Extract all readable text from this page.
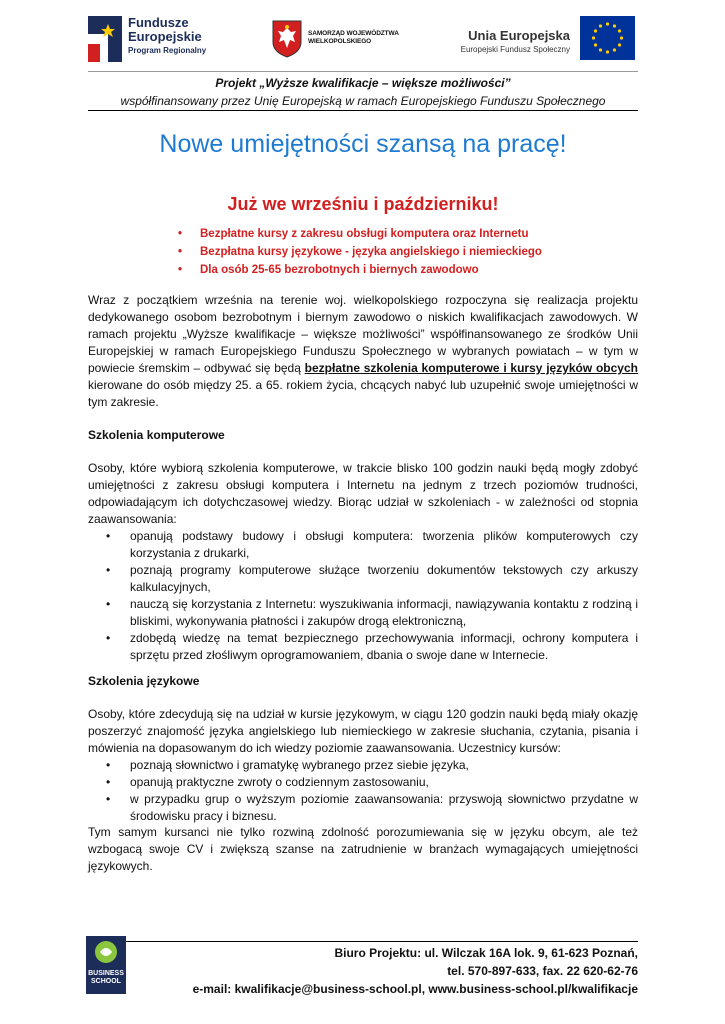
Fundusze
Europejskie
Program Regionalny
SAMORZĄD WOJEWÓDZTWA
WIELKOPOLSKIEGO	Unia Europejska
Europejski Fundusz Społeczny
Projekt „Wyższe kwalifikacje – większe możliwości”
współfinansowany przez Unię Europejską w ramach Europejskiego Funduszu Społecznego
Nowe umiejętności szansą na pracę!
Już we wrześniu i październiku!
• Bezpłatne kursy z zakresu obsługi komputera oraz Internetu
• Bezpłatna kursy językowe - języka angielskiego i niemieckiego
• Dla osób 25-65 bezrobotnych i biernych zawodowo
Wraz z początkiem września na terenie woj. wielkopolskiego rozpoczyna się realizacja projektu dedykowanego osobom bezrobotnym i biernym zawodowo o niskich kwalifikacjach zawodowych. W ramach projektu „Wyższe kwalifikacje – większe możliwości” współfinansowanego ze środków Unii Europejskiej w ramach Europejskiego Funduszu Społecznego w wybranych powiatach – w tym w powiecie śremskim – odbywać się będą bezpłatne szkolenia komputerowe i kursy języków obcych kierowane do osób między 25. a 65. rokiem życia, chcących nabyć lub uzupełnić swoje umiejętności w tym zakresie.
Szkolenia komputerowe
Osoby, które wybiorą szkolenia komputerowe, w trakcie blisko 100 godzin nauki będą mogły zdobyć umiejętności z zakresu obsługi komputera i Internetu na jednym z trzech poziomów trudności, odpowiadającym ich dotychczasowej wiedzy. Biorąc udział w szkoleniach - w zależności od stopnia zaawansowania:
• opanują podstawy budowy i obsługi komputera: tworzenia plików komputerowych czy korzystania z drukarki,
• poznają programy komputerowe służące tworzeniu dokumentów tekstowych czy arkuszy kalkulacyjnych,
• nauczą się korzystania z Internetu: wyszukiwania informacji, nawiązywania kontaktu z rodziną i bliskimi, wykonywania płatności i zakupów drogą elektroniczną,
• zdobędą wiedzę na temat bezpiecznego przechowywania informacji, ochrony komputera i sprzętu przed złośliwym oprogramowaniem, dbania o swoje dane w Internecie.
Szkolenia językowe
Osoby, które zdecydują się na udział w kursie językowym, w ciągu 120 godzin nauki będą miały okazję poszerzyć znajomość języka angielskiego lub niemieckiego w zakresie słuchania, czytania, pisania i mówienia na dopasowanym do ich wiedzy poziomie zaawansowania. Uczestnicy kursów:
• poznają słownictwo i gramatykę wybranego przez siebie języka,
• opanują praktyczne zwroty o codziennym zastosowaniu,
• w przypadku grup o wyższym poziomie zaawansowania: przyswoją słownictwo przydatne w środowisku pracy i biznesu.
Tym samym kursanci nie tylko rozwiną zdolność porozumiewania się w języku obcym, ale też wzbogacą swoje CV i zwiększą szanse na zatrudnienie w branżach wymagających umiejętności językowych.
BUSINESS
SCHOOL
Biuro Projektu: ul. Wilczak 16A lok. 9, 61-623 Poznań,
tel. 570-897-633, fax. 22 620-62-76
e-mail: kwalifikacje@business-school.pl, www.business-school.pl/kwalifikacje
